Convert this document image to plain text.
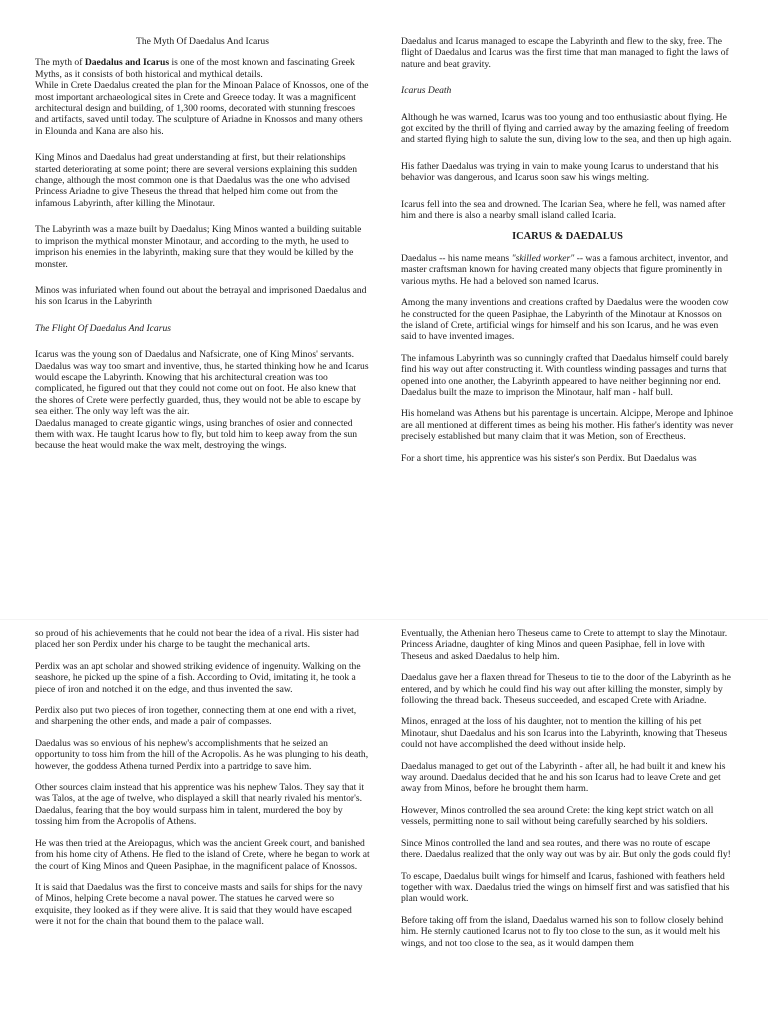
The Myth Of Daedalus And Icarus

The myth of Daedalus and Icarus is one of the most known and fascinating Greek Myths, as it consists of both historical and mythical details.

While in Crete Daedalus created the plan for the Minoan Palace of Knossos, one of the most important archaeological sites in Crete and Greece today. It was a magnificent architectural design and building, of 1,300 rooms, decorated with stunning frescoes and artifacts, saved until today. The sculpture of Ariadne in Knossos and many others in Elounda and Kana are also his.

King Minos and Daedalus had great understanding at first, but their relationships started deteriorating at some point; there are several versions explaining this sudden change, although the most common one is that Daedalus was the one who advised Princess Ariadne to give Theseus the thread that helped him come out from the infamous Labyrinth, after killing the Minotaur.

The Labyrinth was a maze built by Daedalus; King Minos wanted a building suitable to imprison the mythical monster Minotaur, and according to the myth, he used to imprison his enemies in the labyrinth, making sure that they would be killed by the monster.

Minos was infuriated when found out about the betrayal and imprisoned Daedalus and his son Icarus in the Labyrinth

The Flight Of Daedalus And Icarus

Icarus was the young son of Daedalus and Nafsicrate, one of King Minos' servants. Daedalus was way too smart and inventive, thus, he started thinking how he and Icarus would escape the Labyrinth. Knowing that his architectural creation was too complicated, he figured out that they could not come out on foot. He also knew that the shores of Crete were perfectly guarded, thus, they would not be able to escape by sea either. The only way left was the air.

Daedalus managed to create gigantic wings, using branches of osier and connected them with wax. He taught Icarus how to fly, but told him to keep away from the sun because the heat would make the wax melt, destroying the wings.

Daedalus and Icarus managed to escape the Labyrinth and flew to the sky, free. The flight of Daedalus and Icarus was the first time that man managed to fight the laws of nature and beat gravity.

Icarus Death

Although he was warned, Icarus was too young and too enthusiastic about flying. He got excited by the thrill of flying and carried away by the amazing feeling of freedom and started flying high to salute the sun, diving low to the sea, and then up high again.

His father Daedalus was trying in vain to make young Icarus to understand that his behavior was dangerous, and Icarus soon saw his wings melting.

Icarus fell into the sea and drowned. The Icarian Sea, where he fell, was named after him and there is also a nearby small island called Icaria.

ICARUS & DAEDALUS

Daedalus -- his name means "skilled worker" -- was a famous architect, inventor, and master craftsman known for having created many objects that figure prominently in various myths. He had a beloved son named Icarus.

Among the many inventions and creations crafted by Daedalus were the wooden cow he constructed for the queen Pasiphae, the Labyrinth of the Minotaur at Knossos on the island of Crete, artificial wings for himself and his son Icarus, and he was even said to have invented images.

The infamous Labyrinth was so cunningly crafted that Daedalus himself could barely find his way out after constructing it. With countless winding passages and turns that opened into one another, the Labyrinth appeared to have neither beginning nor end. Daedalus built the maze to imprison the Minotaur, half man - half bull.

His homeland was Athens but his parentage is uncertain. Alcippe, Merope and Iphinoe are all mentioned at different times as being his mother. His father's identity was never precisely established but many claim that it was Metion, son of Erectheus.

For a short time, his apprentice was his sister's son Perdix. But Daedalus was

so proud of his achievements that he could not bear the idea of a rival. His sister had placed her son Perdix under his charge to be taught the mechanical arts.

Perdix was an apt scholar and showed striking evidence of ingenuity. Walking on the seashore, he picked up the spine of a fish. According to Ovid, imitating it, he took a piece of iron and notched it on the edge, and thus invented the saw.

Perdix also put two pieces of iron together, connecting them at one end with a rivet, and sharpening the other ends, and made a pair of compasses.

Daedalus was so envious of his nephew's accomplishments that he seized an opportunity to toss him from the hill of the Acropolis. As he was plunging to his death, however, the goddess Athena turned Perdix into a partridge to save him.

Other sources claim instead that his apprentice was his nephew Talos. They say that it was Talos, at the age of twelve, who displayed a skill that nearly rivaled his mentor's. Daedalus, fearing that the boy would surpass him in talent, murdered the boy by tossing him from the Acropolis of Athens.

He was then tried at the Areiopagus, which was the ancient Greek court, and banished from his home city of Athens. He fled to the island of Crete, where he began to work at the court of King Minos and Queen Pasiphae, in the magnificent palace of Knossos.

It is said that Daedalus was the first to conceive masts and sails for ships for the navy of Minos, helping Crete become a naval power. The statues he carved were so exquisite, they looked as if they were alive. It is said that they would have escaped were it not for the chain that bound them to the palace wall.

Eventually, the Athenian hero Theseus came to Crete to attempt to slay the Minotaur. Princess Ariadne, daughter of king Minos and queen Pasiphae, fell in love with Theseus and asked Daedalus to help him.

Daedalus gave her a flaxen thread for Theseus to tie to the door of the Labyrinth as he entered, and by which he could find his way out after killing the monster, simply by following the thread back. Theseus succeeded, and escaped Crete with Ariadne.

Minos, enraged at the loss of his daughter, not to mention the killing of his pet Minotaur, shut Daedalus and his son Icarus into the Labyrinth, knowing that Theseus could not have accomplished the deed without inside help.

Daedalus managed to get out of the Labyrinth - after all, he had built it and knew his way around. Daedalus decided that he and his son Icarus had to leave Crete and get away from Minos, before he brought them harm.

However, Minos controlled the sea around Crete: the king kept strict watch on all vessels, permitting none to sail without being carefully searched by his soldiers.

Since Minos controlled the land and sea routes, and there was no route of escape there. Daedalus realized that the only way out was by air. But only the gods could fly!

To escape, Daedalus built wings for himself and Icarus, fashioned with feathers held together with wax. Daedalus tried the wings on himself first and was satisfied that his plan would work.

Before taking off from the island, Daedalus warned his son to follow closely behind him. He sternly cautioned Icarus not to fly too close to the sun, as it would melt his wings, and not too close to the sea, as it would dampen them
